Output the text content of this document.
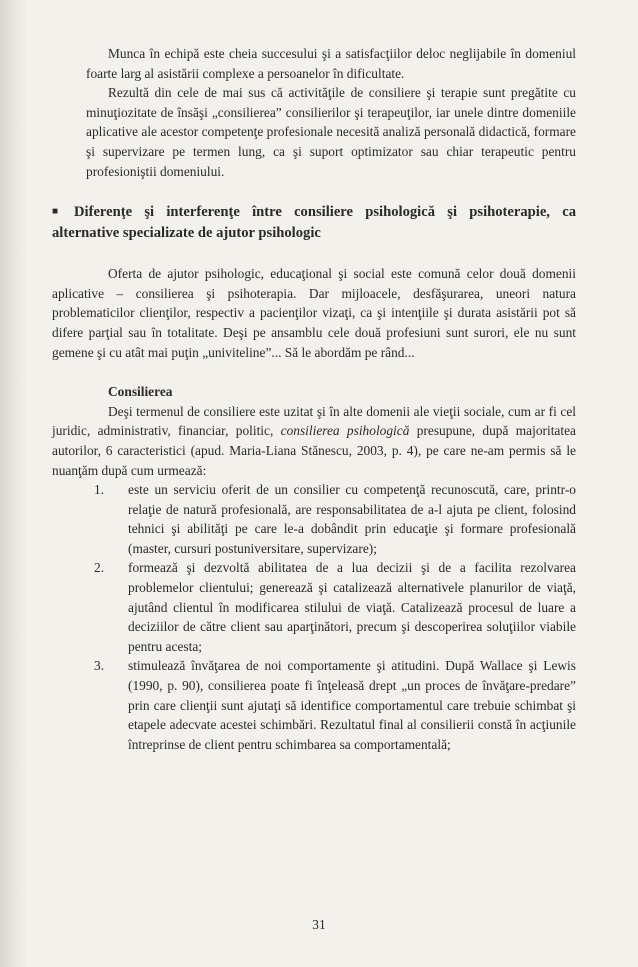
Munca în echipă este cheia succesului şi a satisfacţiilor deloc neglijabile în domeniul foarte larg al asistării complexe a persoanelor în dificultate.

Rezultă din cele de mai sus că activităţile de consiliere şi terapie sunt pregătite cu minuţiozitate de însăşi „consilierea” consilierilor şi terapeuţilor, iar unele dintre domeniile aplicative ale acestor competenţe profesionale necesită analiză personală didactică, formare şi supervizare pe termen lung, ca şi suport optimizator sau chiar terapeutic pentru profesioniştii domeniului.

■ Diferenţe şi interferenţe între consiliere psihologică şi psihoterapie, ca alternative specializate de ajutor psihologic

Oferta de ajutor psihologic, educaţional şi social este comună celor două domenii aplicative – consilierea şi psihoterapia. Dar mijloacele, desfăşurarea, uneori natura problematicilor clienţilor, respectiv a pacienţilor vizaţi, ca şi intenţiile şi durata asistării pot să difere parţial sau în totalitate. Deşi pe ansamblu cele două profesiuni sunt surori, ele nu sunt gemene şi cu atât mai puţin „univiteline”... Să le abordăm pe rând...

Consilierea

Deşi termenul de consiliere este uzitat şi în alte domenii ale vieţii sociale, cum ar fi cel juridic, administrativ, financiar, politic, consilierea psihologică presupune, după majoritatea autorilor, 6 caracteristici (apud. Maria-Liana Stănescu, 2003, p. 4), pe care ne-am permis să le nuanţăm după cum urmează:

1. este un serviciu oferit de un consilier cu competenţă recunoscută, care, printr-o relaţie de natură profesională, are responsabilitatea de a-l ajuta pe client, folosind tehnici şi abilităţi pe care le-a dobândit prin educaţie şi formare profesională (master, cursuri postuniversitare, supervizare);
2. formează şi dezvoltă abilitatea de a lua decizii şi de a facilita rezolvarea problemelor clientului; generează şi catalizează alternativele planurilor de viaţă, ajutând clientul în modificarea stilului de viaţă. Catalizează procesul de luare a deciziilor de către client sau aparţinători, precum şi descoperirea soluţiilor viabile pentru acesta;
3. stimulează învăţarea de noi comportamente şi atitudini. După Wallace şi Lewis (1990, p. 90), consilierea poate fi înţeleasă drept „un proces de învăţare-predare” prin care clienţii sunt ajutaţi să identifice comportamentul care trebuie schimbat şi etapele adecvate acestei schimbări. Rezultatul final al consilierii constă în acţiunile întreprinse de client pentru schimbarea sa comportamentală;
31
